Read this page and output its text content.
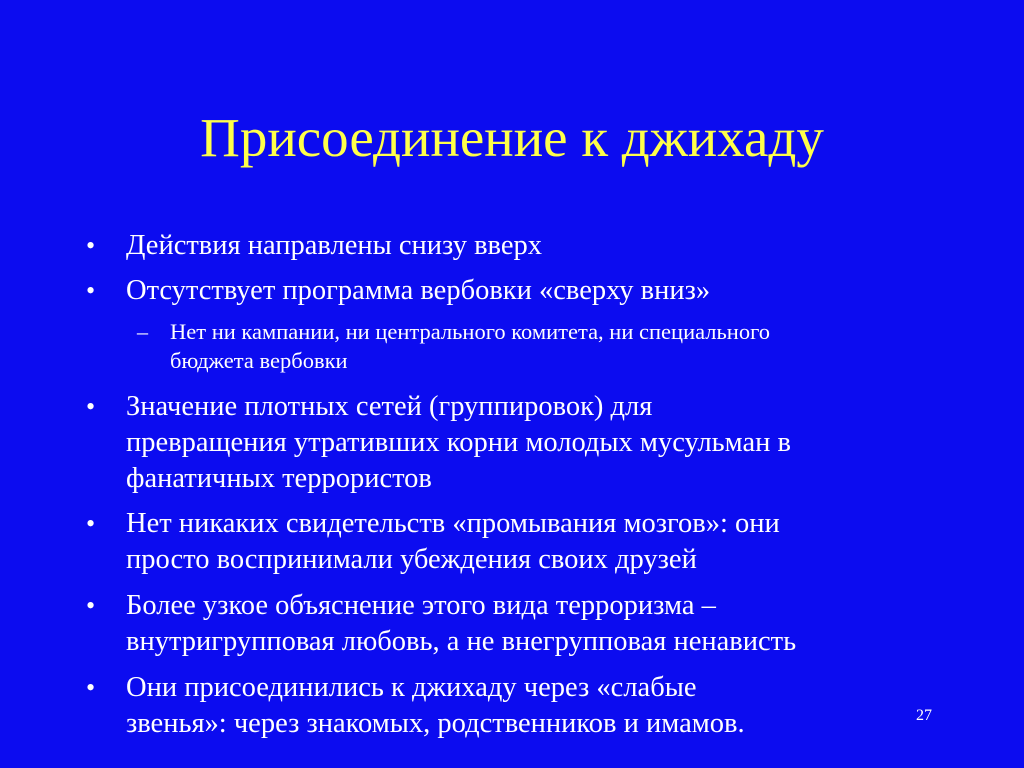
Присоединение к джихаду
• Действия направлены снизу вверх
• Отсутствует программа вербовки «сверху вниз»
– Нет ни кампании, ни центрального комитета, ни специального
бюджета вербовки
• Значение плотных сетей (группировок) для
превращения утративших корни молодых мусульман в
фанатичных террористов
• Нет никаких свидетельств «промывания мозгов»: они
просто воспринимали убеждения своих друзей
• Более узкое объяснение этого вида терроризма –
внутригрупповая любовь, а не внегрупповая ненависть
• Они присоединились к джихаду через «слабые
звенья»: через знакомых, родственников и имамов.	27
